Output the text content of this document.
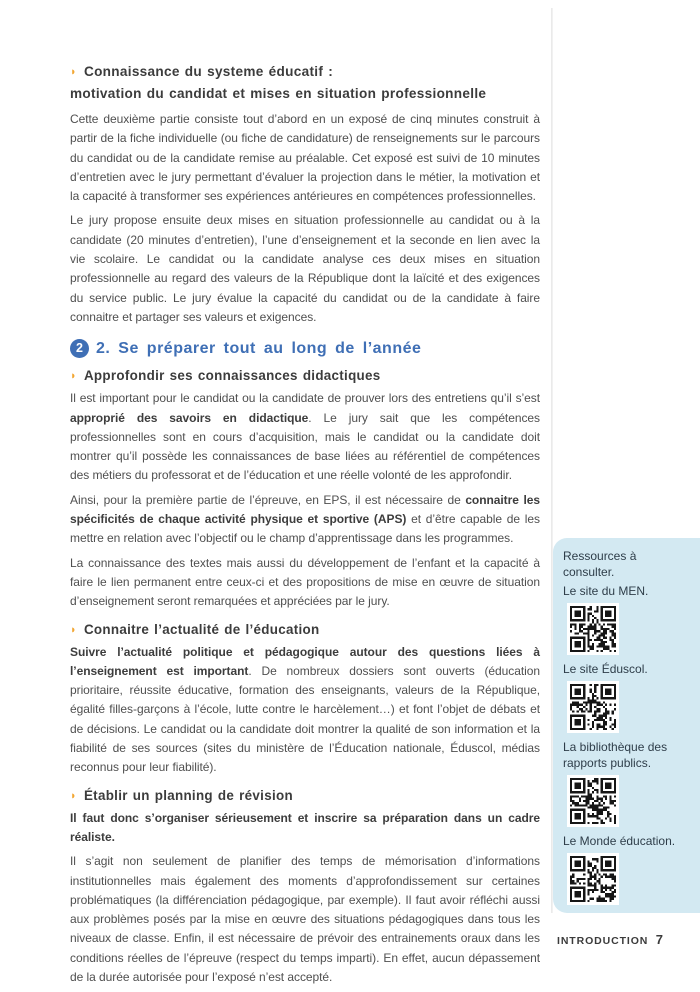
◗ Connaissance du systeme éducatif :
motivation du candidat et mises en situation professionnelle

Cette deuxième partie consiste tout d’abord en un exposé de cinq minutes construit à partir de la fiche individuelle (ou fiche de candidature) de renseignements sur le parcours du candidat ou de la candidate remise au préalable. Cet exposé est suivi de 10 minutes d’entretien avec le jury permettant d’évaluer la projection dans le métier, la motivation et la capacité à transformer ses expériences antérieures en compétences professionnelles.

Le jury propose ensuite deux mises en situation professionnelle au candidat ou à la candidate (20 minutes d’entretien), l’une d’enseignement et la seconde en lien avec la vie scolaire. Le candidat ou la candidate analyse ces deux mises en situation professionnelle au regard des valeurs de la République dont la laïcité et des exigences du service public. Le jury évalue la capacité du candidat ou de la candidate à faire connaitre et partager ses valeurs et exigences.

2 2. Se préparer tout au long de l’année
◗ Approfondir ses connaissances didactiques

Il est important pour le candidat ou la candidate de prouver lors des entretiens qu’il s’est approprié des savoirs en didactique. Le jury sait que les compétences professionnelles sont en cours d’acquisition, mais le candidat ou la candidate doit montrer qu’il possède les connaissances de base liées au référentiel de compétences des métiers du professorat et de l’éducation et une réelle volonté de les approfondir.

Ainsi, pour la première partie de l’épreuve, en EPS, il est nécessaire de connaitre les spécificités de chaque activité physique et sportive (APS) et d’être capable de les mettre en relation avec l’objectif ou le champ d’apprentissage dans les programmes.

La connaissance des textes mais aussi du développement de l’enfant et la capacité à faire le lien permanent entre ceux-ci et des propositions de mise en œuvre de situation d’enseignement seront remarquées et appréciées par le jury.

◗ Connaitre l’actualité de l’éducation

Suivre l’actualité politique et pédagogique autour des questions liées à l’enseignement est important. De nombreux dossiers sont ouverts (éducation prioritaire, réussite éducative, formation des enseignants, valeurs de la République, égalité filles-garçons à l’école, lutte contre le harcèlement…) et font l’objet de débats et de décisions. Le candidat ou la candidate doit montrer la qualité de son information et la fiabilité de ses sources (sites du ministère de l’Éducation nationale, Éduscol, médias reconnus pour leur fiabilité).

◗ Établir un planning de révision

Il faut donc s’organiser sérieusement et inscrire sa préparation dans un cadre réaliste.

Il s’agit non seulement de planifier des temps de mémorisation d’informations institutionnelles mais également des moments d’approfondissement sur certaines problématiques (la différenciation pédagogique, par exemple). Il faut avoir réfléchi aussi aux problèmes posés par la mise en œuvre des situations pédagogiques dans tous les niveaux de classe. Enfin, il est nécessaire de prévoir des entrainements oraux dans les conditions réelles de l’épreuve (respect du temps imparti). En effet, aucun dépassement de la durée autorisée pour l’exposé n’est accepté.

Ressources à consulter.

Le site du MEN.

Le site Éduscol.

La bibliothèque des rapports publics.

Le Monde éducation.

INTRODUCTION 7
